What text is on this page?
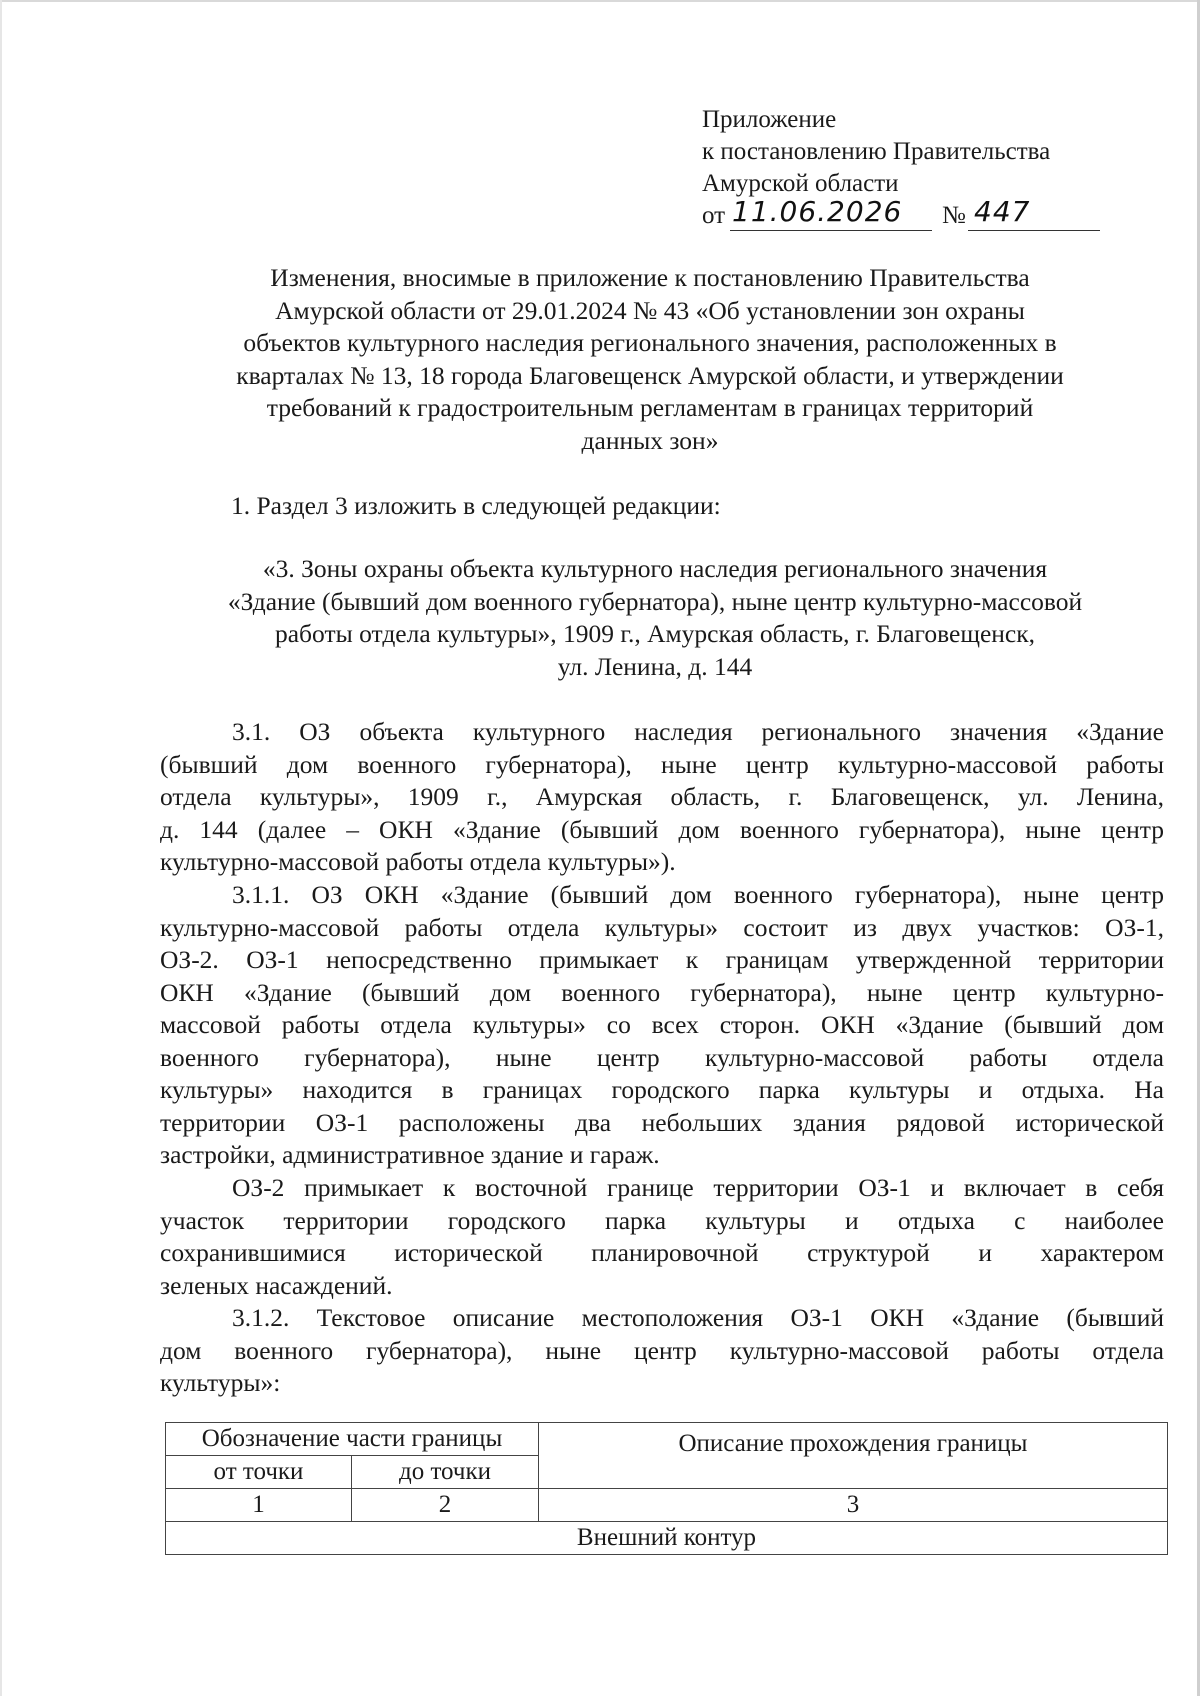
Приложение
к постановлению Правительства
Амурской области
от 11.06.2026 № 447
Изменения, вносимые в приложение к постановлению Правительства
Амурской области от 29.01.2024 № 43 «Об установлении зон охраны
объектов культурного наследия регионального значения, расположенных в
кварталах № 13, 18 города Благовещенск Амурской области, и утверждении
требований к градостроительным регламентам в границах территорий
данных зон»
1. Раздел 3 изложить в следующей редакции:
«3. Зоны охраны объекта культурного наследия регионального значения
«Здание (бывший дом военного губернатора), ныне центр культурно-массовой
работы отдела культуры», 1909 г., Амурская область, г. Благовещенск,
ул. Ленина, д. 144
3.1. ОЗ объекта культурного наследия регионального значения «Здание
(бывший дом военного губернатора), ныне центр культурно-массовой работы
отдела культуры», 1909 г., Амурская область, г. Благовещенск, ул. Ленина,
д. 144 (далее – ОКН «Здание (бывший дом военного губернатора), ныне центр
культурно-массовой работы отдела культуры»).
3.1.1. ОЗ ОКН «Здание (бывший дом военного губернатора), ныне центр
культурно-массовой работы отдела культуры» состоит из двух участков: ОЗ-1,
ОЗ-2. ОЗ-1 непосредственно примыкает к границам утвержденной территории
ОКН «Здание (бывший дом военного губернатора), ныне центр культурно-
массовой работы отдела культуры» со всех сторон. ОКН «Здание (бывший дом
военного губернатора), ныне центр культурно-массовой работы отдела
культуры» находится в границах городского парка культуры и отдыха. На
территории ОЗ-1 расположены два небольших здания рядовой исторической
застройки, административное здание и гараж.
ОЗ-2 примыкает к восточной границе территории ОЗ-1 и включает в себя
участок территории городского парка культуры и отдыха с наиболее
сохранившимися исторической планировочной структурой и характером
зеленых насаждений.
3.1.2. Текстовое описание местоположения ОЗ-1 ОКН «Здание (бывший
дом военного губернатора), ныне центр культурно-массовой работы отдела
культуры»:
Обозначение части границы		Описание прохождения границы
от точки	до точки	
1	2	3
Внешний контур		
